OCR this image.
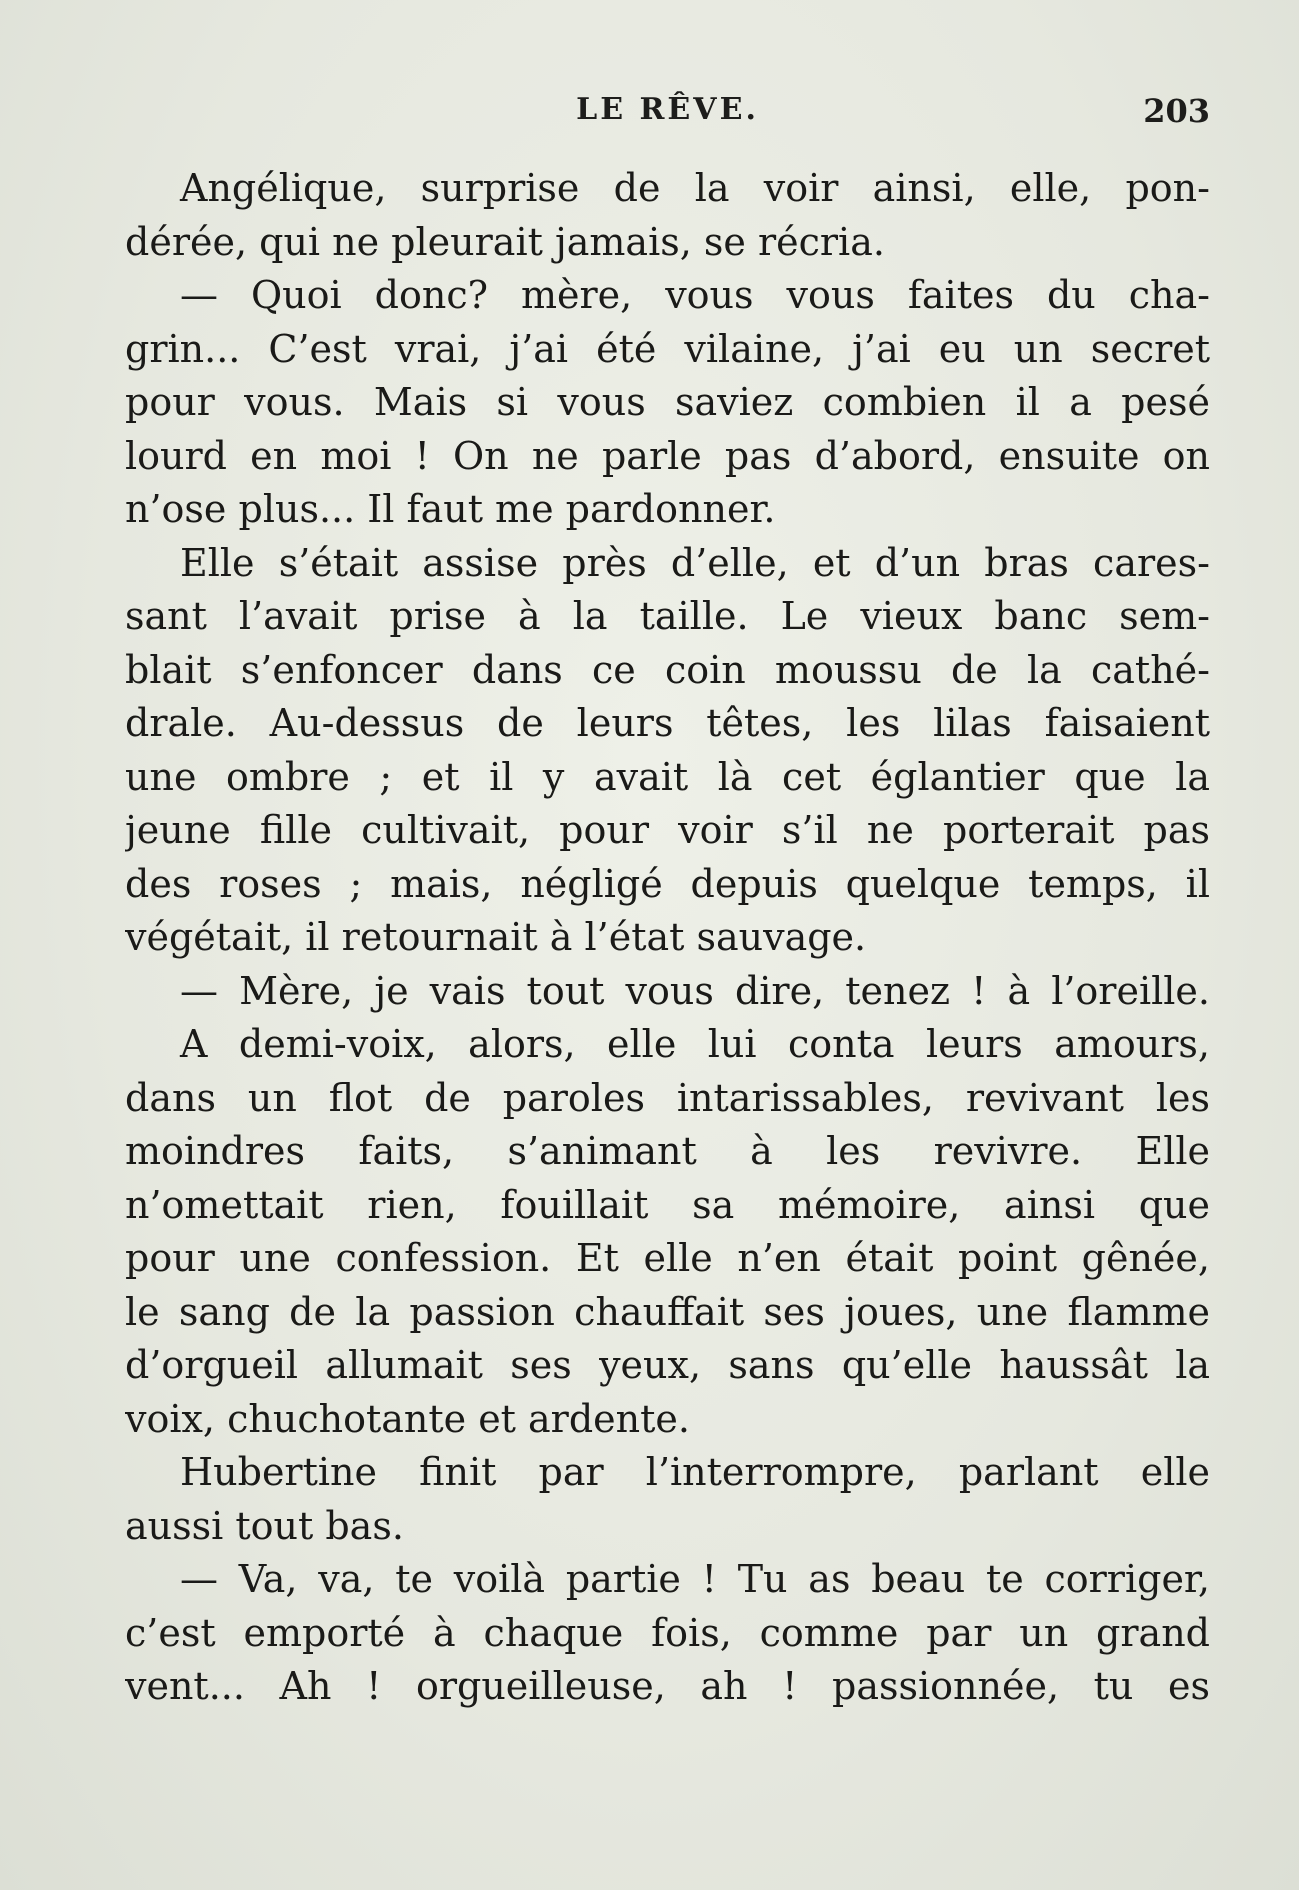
LE RÊVE.	203
Angélique, surprise de la voir ainsi, elle, pon-
dérée, qui ne pleurait jamais, se récria.
— Quoi donc? mère, vous vous faites du cha-
grin... C’est vrai, j’ai été vilaine, j’ai eu un secret
pour vous. Mais si vous saviez combien il a pesé
lourd en moi ! On ne parle pas d’abord, ensuite on
n’ose plus... Il faut me pardonner.
Elle s’était assise près d’elle, et d’un bras cares-
sant l’avait prise à la taille. Le vieux banc sem-
blait s’enfoncer dans ce coin moussu de la cathé-
drale. Au-dessus de leurs têtes, les lilas faisaient
une ombre ; et il y avait là cet églantier que la
jeune fille cultivait, pour voir s’il ne porterait pas
des roses ; mais, négligé depuis quelque temps, il
végétait, il retournait à l’état sauvage.
— Mère, je vais tout vous dire, tenez ! à l’oreille.
A demi-voix, alors, elle lui conta leurs amours,
dans un flot de paroles intarissables, revivant les
moindres faits, s’animant à les revivre. Elle
n’omettait rien, fouillait sa mémoire, ainsi que
pour une confession. Et elle n’en était point gênée,
le sang de la passion chauffait ses joues, une flamme
d’orgueil allumait ses yeux, sans qu’elle haussât la
voix, chuchotante et ardente.
Hubertine finit par l’interrompre, parlant elle
aussi tout bas.
— Va, va, te voilà partie ! Tu as beau te corriger,
c’est emporté à chaque fois, comme par un grand
vent... Ah ! orgueilleuse, ah ! passionnée, tu es
